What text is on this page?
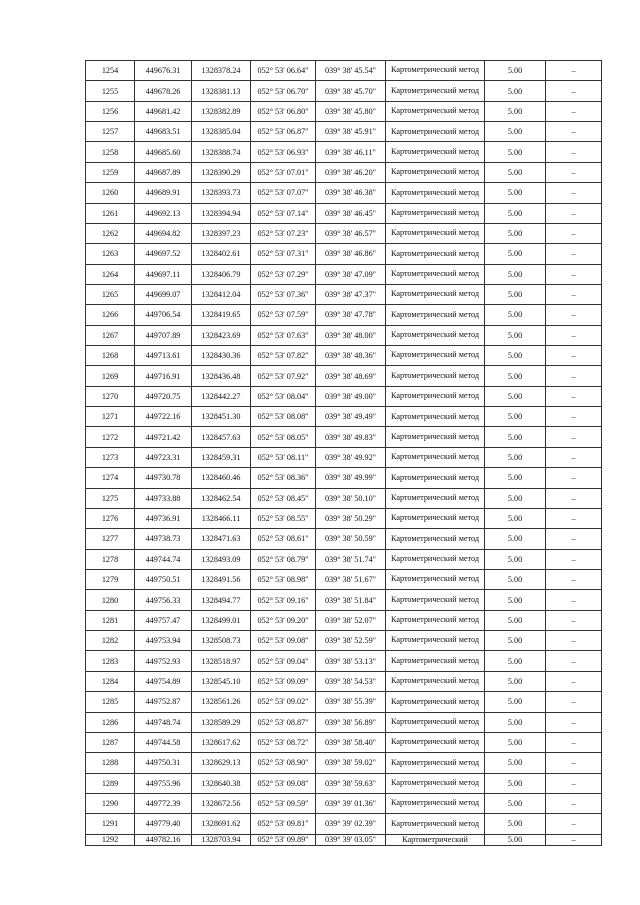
1254	449676.31	1328378.24	052° 53' 06.64"	039° 38' 45.54"	Картометрический метод	5.00	–
1255	449678.26	1328381.13	052° 53' 06.70"	039° 38' 45.70"	Картометрический метод	5.00	–
1256	449681.42	1328382.89	052° 53' 06.80"	039° 38' 45.80"	Картометрический метод	5.00	–
1257	449683.51	1328385.04	052° 53' 06.87"	039° 38' 45.91"	Картометрический метод	5.00	–
1258	449685.60	1328388.74	052° 53' 06.93"	039° 38' 46.11"	Картометрический метод	5.00	–
1259	449687.89	1328390.29	052° 53' 07.01"	039° 38' 46.20"	Картометрический метод	5.00	–
1260	449689.91	1328393.73	052° 53' 07.07"	039° 38' 46.38"	Картометрический метод	5.00	–
1261	449692.13	1328394.94	052° 53' 07.14"	039° 38' 46.45"	Картометрический метод	5.00	–
1262	449694.82	1328397.23	052° 53' 07.23"	039° 38' 46.57"	Картометрический метод	5.00	–
1263	449697.52	1328402.61	052° 53' 07.31"	039° 38' 46.86"	Картометрический метод	5.00	–
1264	449697.11	1328406.79	052° 53' 07.29"	039° 38' 47.09"	Картометрический метод	5.00	–
1265	449699.07	1328412.04	052° 53' 07.36"	039° 38' 47.37"	Картометрический метод	5.00	–
1266	449706.54	1328419.65	052° 53' 07.59"	039° 38' 47.78"	Картометрический метод	5.00	–
1267	449707.89	1328423.69	052° 53' 07.63"	039° 38' 48.00"	Картометрический метод	5.00	–
1268	449713.61	1328430.36	052° 53' 07.82"	039° 38' 48.36"	Картометрический метод	5.00	–
1269	449716.91	1328436.48	052° 53' 07.92"	039° 38' 48.69"	Картометрический метод	5.00	–
1270	449720.75	1328442.27	052° 53' 08.04"	039° 38' 49.00"	Картометрический метод	5.00	–
1271	449722.16	1328451.30	052° 53' 08.08"	039° 38' 49.49"	Картометрический метод	5.00	–
1272	449721.42	1328457.63	052° 53' 08.05"	039° 38' 49.83"	Картометрический метод	5.00	–
1273	449723.31	1328459.31	052° 53' 08.11"	039° 38' 49.92"	Картометрический метод	5.00	–
1274	449730.78	1328460.46	052° 53' 08.36"	039° 38' 49.99"	Картометрический метод	5.00	–
1275	449733.88	1328462.54	052° 53' 08.45"	039° 38' 50.10"	Картометрический метод	5.00	–
1276	449736.91	1328466.11	052° 53' 08.55"	039° 38' 50.29"	Картометрический метод	5.00	–
1277	449738.73	1328471.63	052° 53' 08.61"	039° 38' 50.59"	Картометрический метод	5.00	–
1278	449744.74	1328493.09	052° 53' 08.79"	039° 38' 51.74"	Картометрический метод	5.00	–
1279	449750.51	1328491.56	052° 53' 08.98"	039° 38' 51.67"	Картометрический метод	5.00	–
1280	449756.33	1328494.77	052° 53' 09.16"	039° 38' 51.84"	Картометрический метод	5.00	–
1281	449757.47	1328499.01	052° 53' 09.20"	039° 38' 52.07"	Картометрический метод	5.00	–
1282	449753.94	1328508.73	052° 53' 09.08"	039° 38' 52.59"	Картометрический метод	5.00	–
1283	449752.93	1328518.97	052° 53' 09.04"	039° 38' 53.13"	Картометрический метод	5.00	–
1284	449754.89	1328545.10	052° 53' 09.09"	039° 38' 54.53"	Картометрический метод	5.00	–
1285	449752.87	1328561.26	052° 53' 09.02"	039° 38' 55.39"	Картометрический метод	5.00	–
1286	449748.74	1328589.29	052° 53' 08.87"	039° 38' 56.89"	Картометрический метод	5.00	–
1287	449744.58	1328617.62	052° 53' 08.72"	039° 38' 58.40"	Картометрический метод	5.00	–
1288	449750.31	1328629.13	052° 53' 08.90"	039° 38' 59.02"	Картометрический метод	5.00	–
1289	449755.96	1328640.38	052° 53' 09.08"	039° 38' 59.63"	Картометрический метод	5.00	–
1290	449772.39	1328672.56	052° 53' 09.59"	039° 39' 01.36"	Картометрический метод	5.00	–
1291	449779.40	1328691.62	052° 53' 09.81"	039° 39' 02.39"	Картометрический метод	5.00	–
1292	449782.16	1328703.94	052° 53' 09.89"	039° 39' 03.05"	Картометрический	5.00	–
